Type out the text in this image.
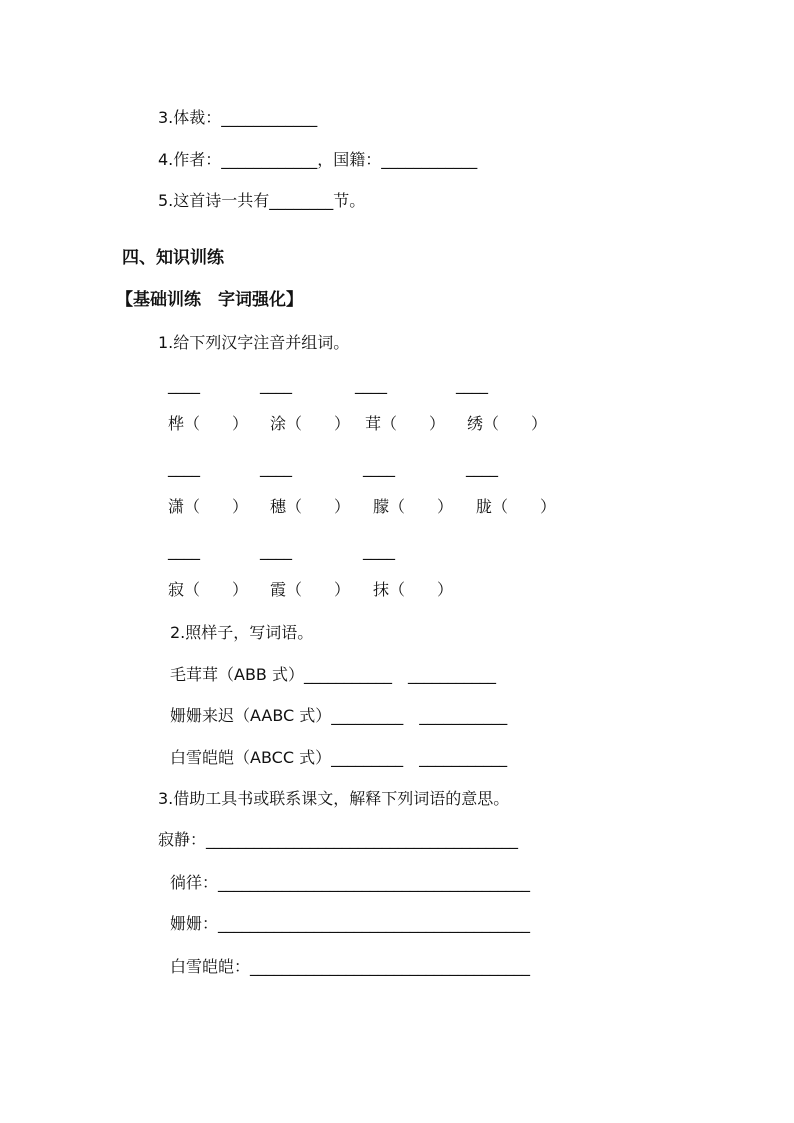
3.体裁：____________
4.作者：____________，国籍：____________
5.这首诗一共有________节。
四、知识训练
【基础训练　字词强化】
1.给下列汉字注音并组词。
____	____	____	____
桦（　　） 涂（　　） 茸（　　） 绣（　　）
____	____	____	____
潇（　　） 穗（　　） 朦（　　） 胧（　　）
____	____	____
寂（　　） 霞（　　） 抹（　　）
2.照样子，写词语。
毛茸茸（ABB 式）___________　___________
姗姗来迟（AABC 式）_________　___________
白雪皑皑（ABCC 式）_________　___________
3.借助工具书或联系课文，解释下列词语的意思。
寂静：_______________________________________
徜徉：_______________________________________
姗姗：_______________________________________
白雪皑皑：___________________________________
